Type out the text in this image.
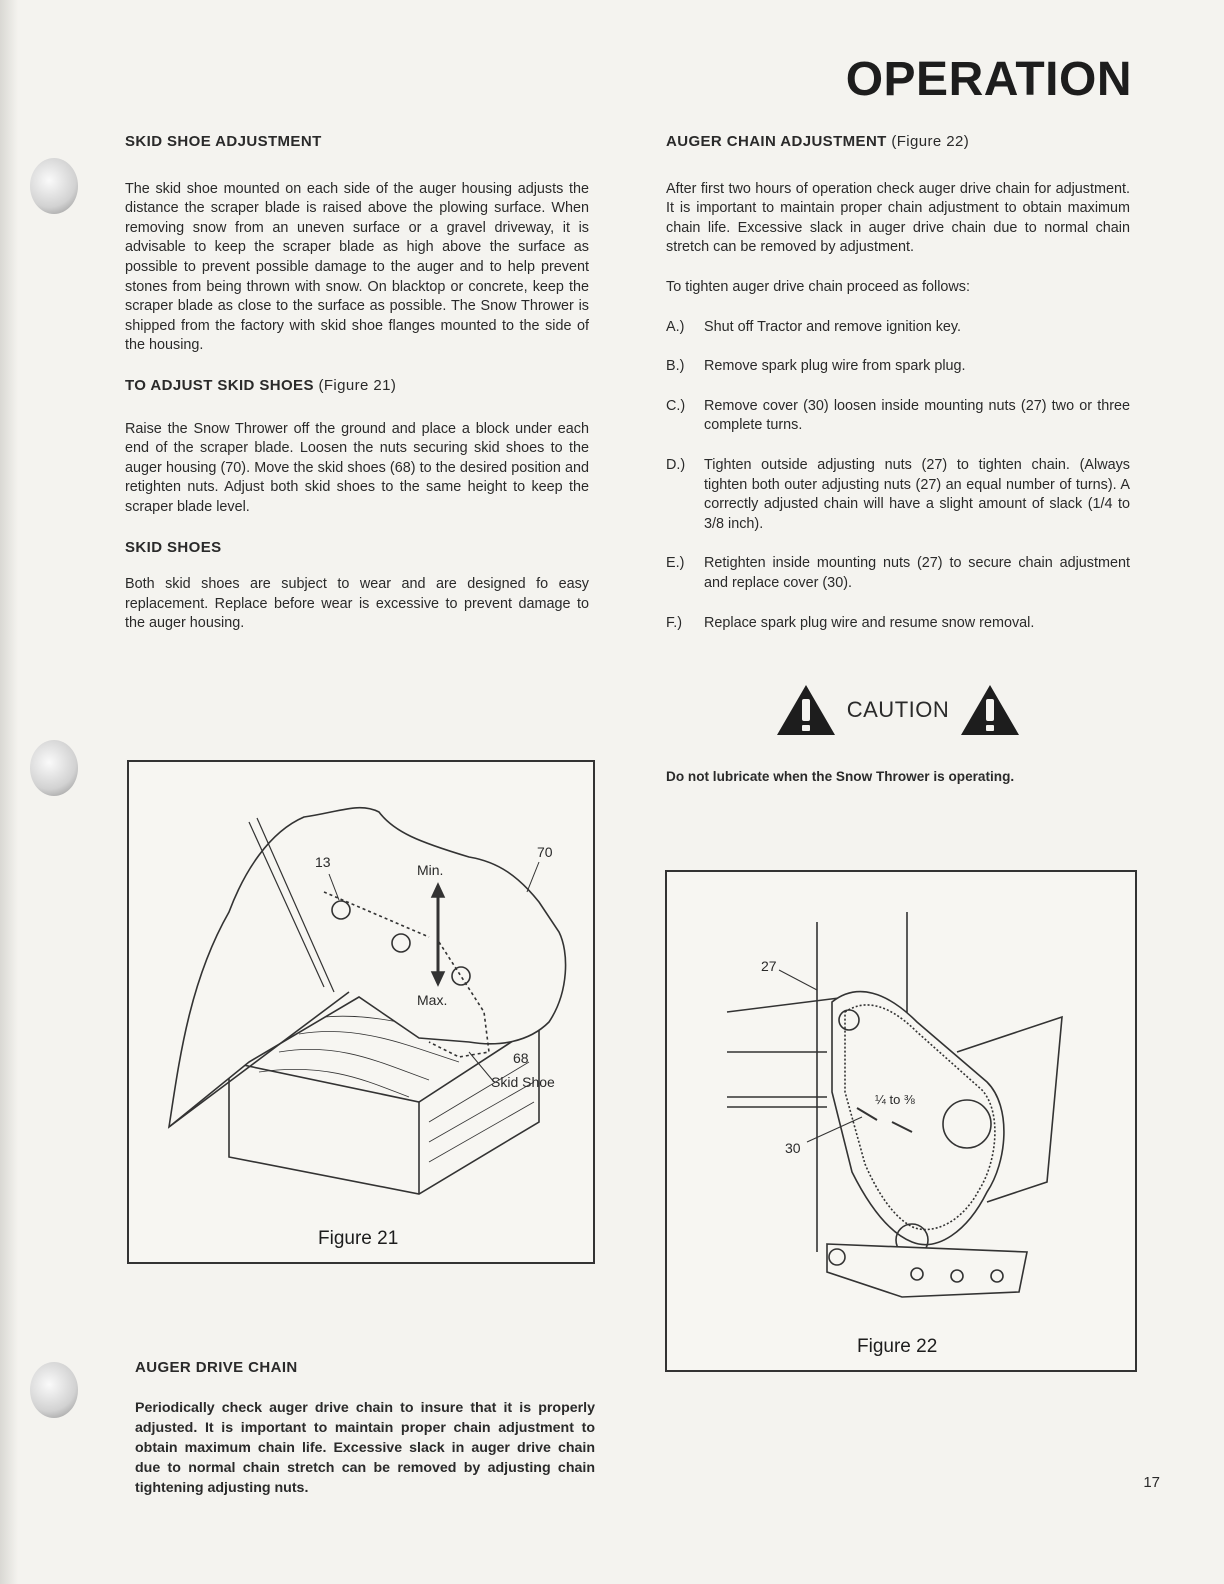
OPERATION
SKID SHOE ADJUSTMENT

The skid shoe mounted on each side of the auger housing adjusts the distance the scraper blade is raised above the plowing surface. When removing snow from an uneven surface or a gravel driveway, it is advisable to keep the scraper blade as high above the surface as possible to prevent possible damage to the auger and to help prevent stones from being thrown with snow. On blacktop or concrete, keep the scraper blade as close to the surface as possible. The Snow Thrower is shipped from the factory with skid shoe flanges mounted to the side of the housing.

TO ADJUST SKID SHOES (Figure 21)

Raise the Snow Thrower off the ground and place a block under each end of the scraper blade. Loosen the nuts securing skid shoes to the auger housing (70). Move the skid shoes (68) to the desired position and retighten nuts. Adjust both skid shoes to the same height to keep the scraper blade level.

SKID SHOES

Both skid shoes are subject to wear and are designed fo easy replacement. Replace before wear is excessive to prevent damage to the auger housing.

13
70
Min.
Max.
68
Skid Shoe
Figure 21
AUGER DRIVE CHAIN
Periodically check auger drive chain to insure that it is properly adjusted. It is important to maintain proper chain adjustment to obtain maximum chain life. Excessive slack in auger drive chain due to normal chain stretch can be removed by adjusting chain tightening adjusting nuts.
AUGER CHAIN ADJUSTMENT (Figure 22)

After first two hours of operation check auger drive chain for adjustment. It is important to maintain proper chain adjustment to obtain maximum chain life. Excessive slack in auger drive chain due to normal chain stretch can be removed by adjustment.

To tighten auger drive chain proceed as follows:

A.)	Shut off Tractor and remove ignition key.
B.)	Remove spark plug wire from spark plug.
C.)	Remove cover (30) loosen inside mounting nuts (27) two or three complete turns.
D.)	Tighten outside adjusting nuts (27) to tighten chain. (Always tighten both outer adjusting nuts (27) an equal number of turns). A correctly adjusted chain will have a slight amount of slack (1/4 to 3/8 inch).
E.)	Retighten inside mounting nuts (27) to secure chain adjustment and replace cover (30).
F.)	Replace spark plug wire and resume snow removal.
CAUTION
Do not lubricate when the Snow Thrower is operating.
27
30
¼ to ⅜
Figure 22
17
